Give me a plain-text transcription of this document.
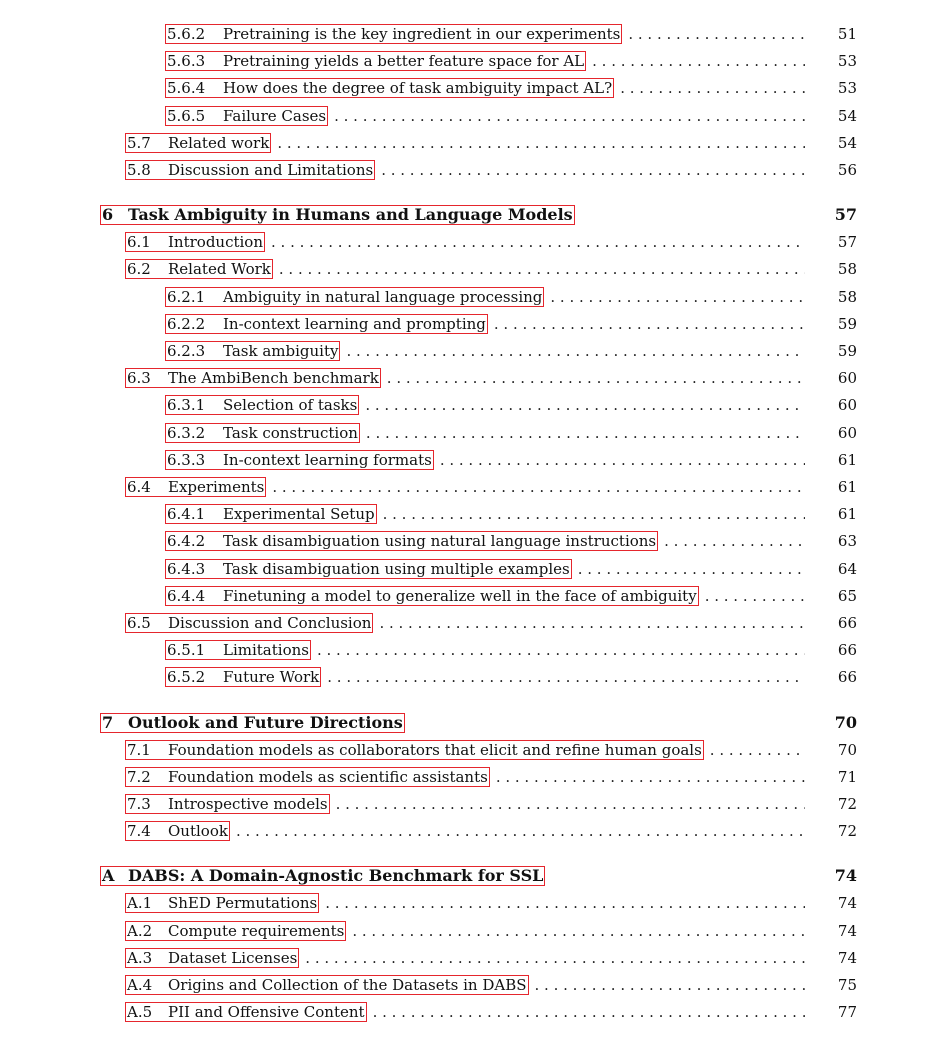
5.6.2	Pretraining is the key ingredient in our experiments . . .	51
5.6.3	Pretraining yields a better feature space for AL . . .	53
5.6.4	How does the degree of task ambiguity impact AL? . . .	53
5.6.5	Failure Cases . . .	54
5.7	Related work . . .	54
5.8	Discussion and Limitations . . .	56
6 Task Ambiguity in Humans and Language Models	57
6.1	Introduction . . .	57
6.2	Related Work . . .	58
6.2.1	Ambiguity in natural language processing . . .	58
6.2.2	In-context learning and prompting . . .	59
6.2.3	Task ambiguity . . .	59
6.3	The AmbiBench benchmark . . .	60
6.3.1	Selection of tasks . . .	60
6.3.2	Task construction . . .	60
6.3.3	In-context learning formats . . .	61
6.4	Experiments . . .	61
6.4.1	Experimental Setup . . .	61
6.4.2	Task disambiguation using natural language instructions . . .	63
6.4.3	Task disambiguation using multiple examples . . .	64
6.4.4	Finetuning a model to generalize well in the face of ambiguity . . .	65
6.5	Discussion and Conclusion . . .	66
6.5.1	Limitations . . .	66
6.5.2	Future Work . . .	66
7 Outlook and Future Directions	70
7.1	Foundation models as collaborators that elicit and refine human goals . . .	70
7.2	Foundation models as scientific assistants . . .	71
7.3	Introspective models . . .	72
7.4	Outlook . . .	72
A DABS: A Domain-Agnostic Benchmark for SSL	74
A.1	ShED Permutations . . .	74
A.2	Compute requirements . . .	74
A.3	Dataset Licenses . . .	74
A.4	Origins and Collection of the Datasets in DABS . . .	75
A.5	PII and Offensive Content . . .	77
